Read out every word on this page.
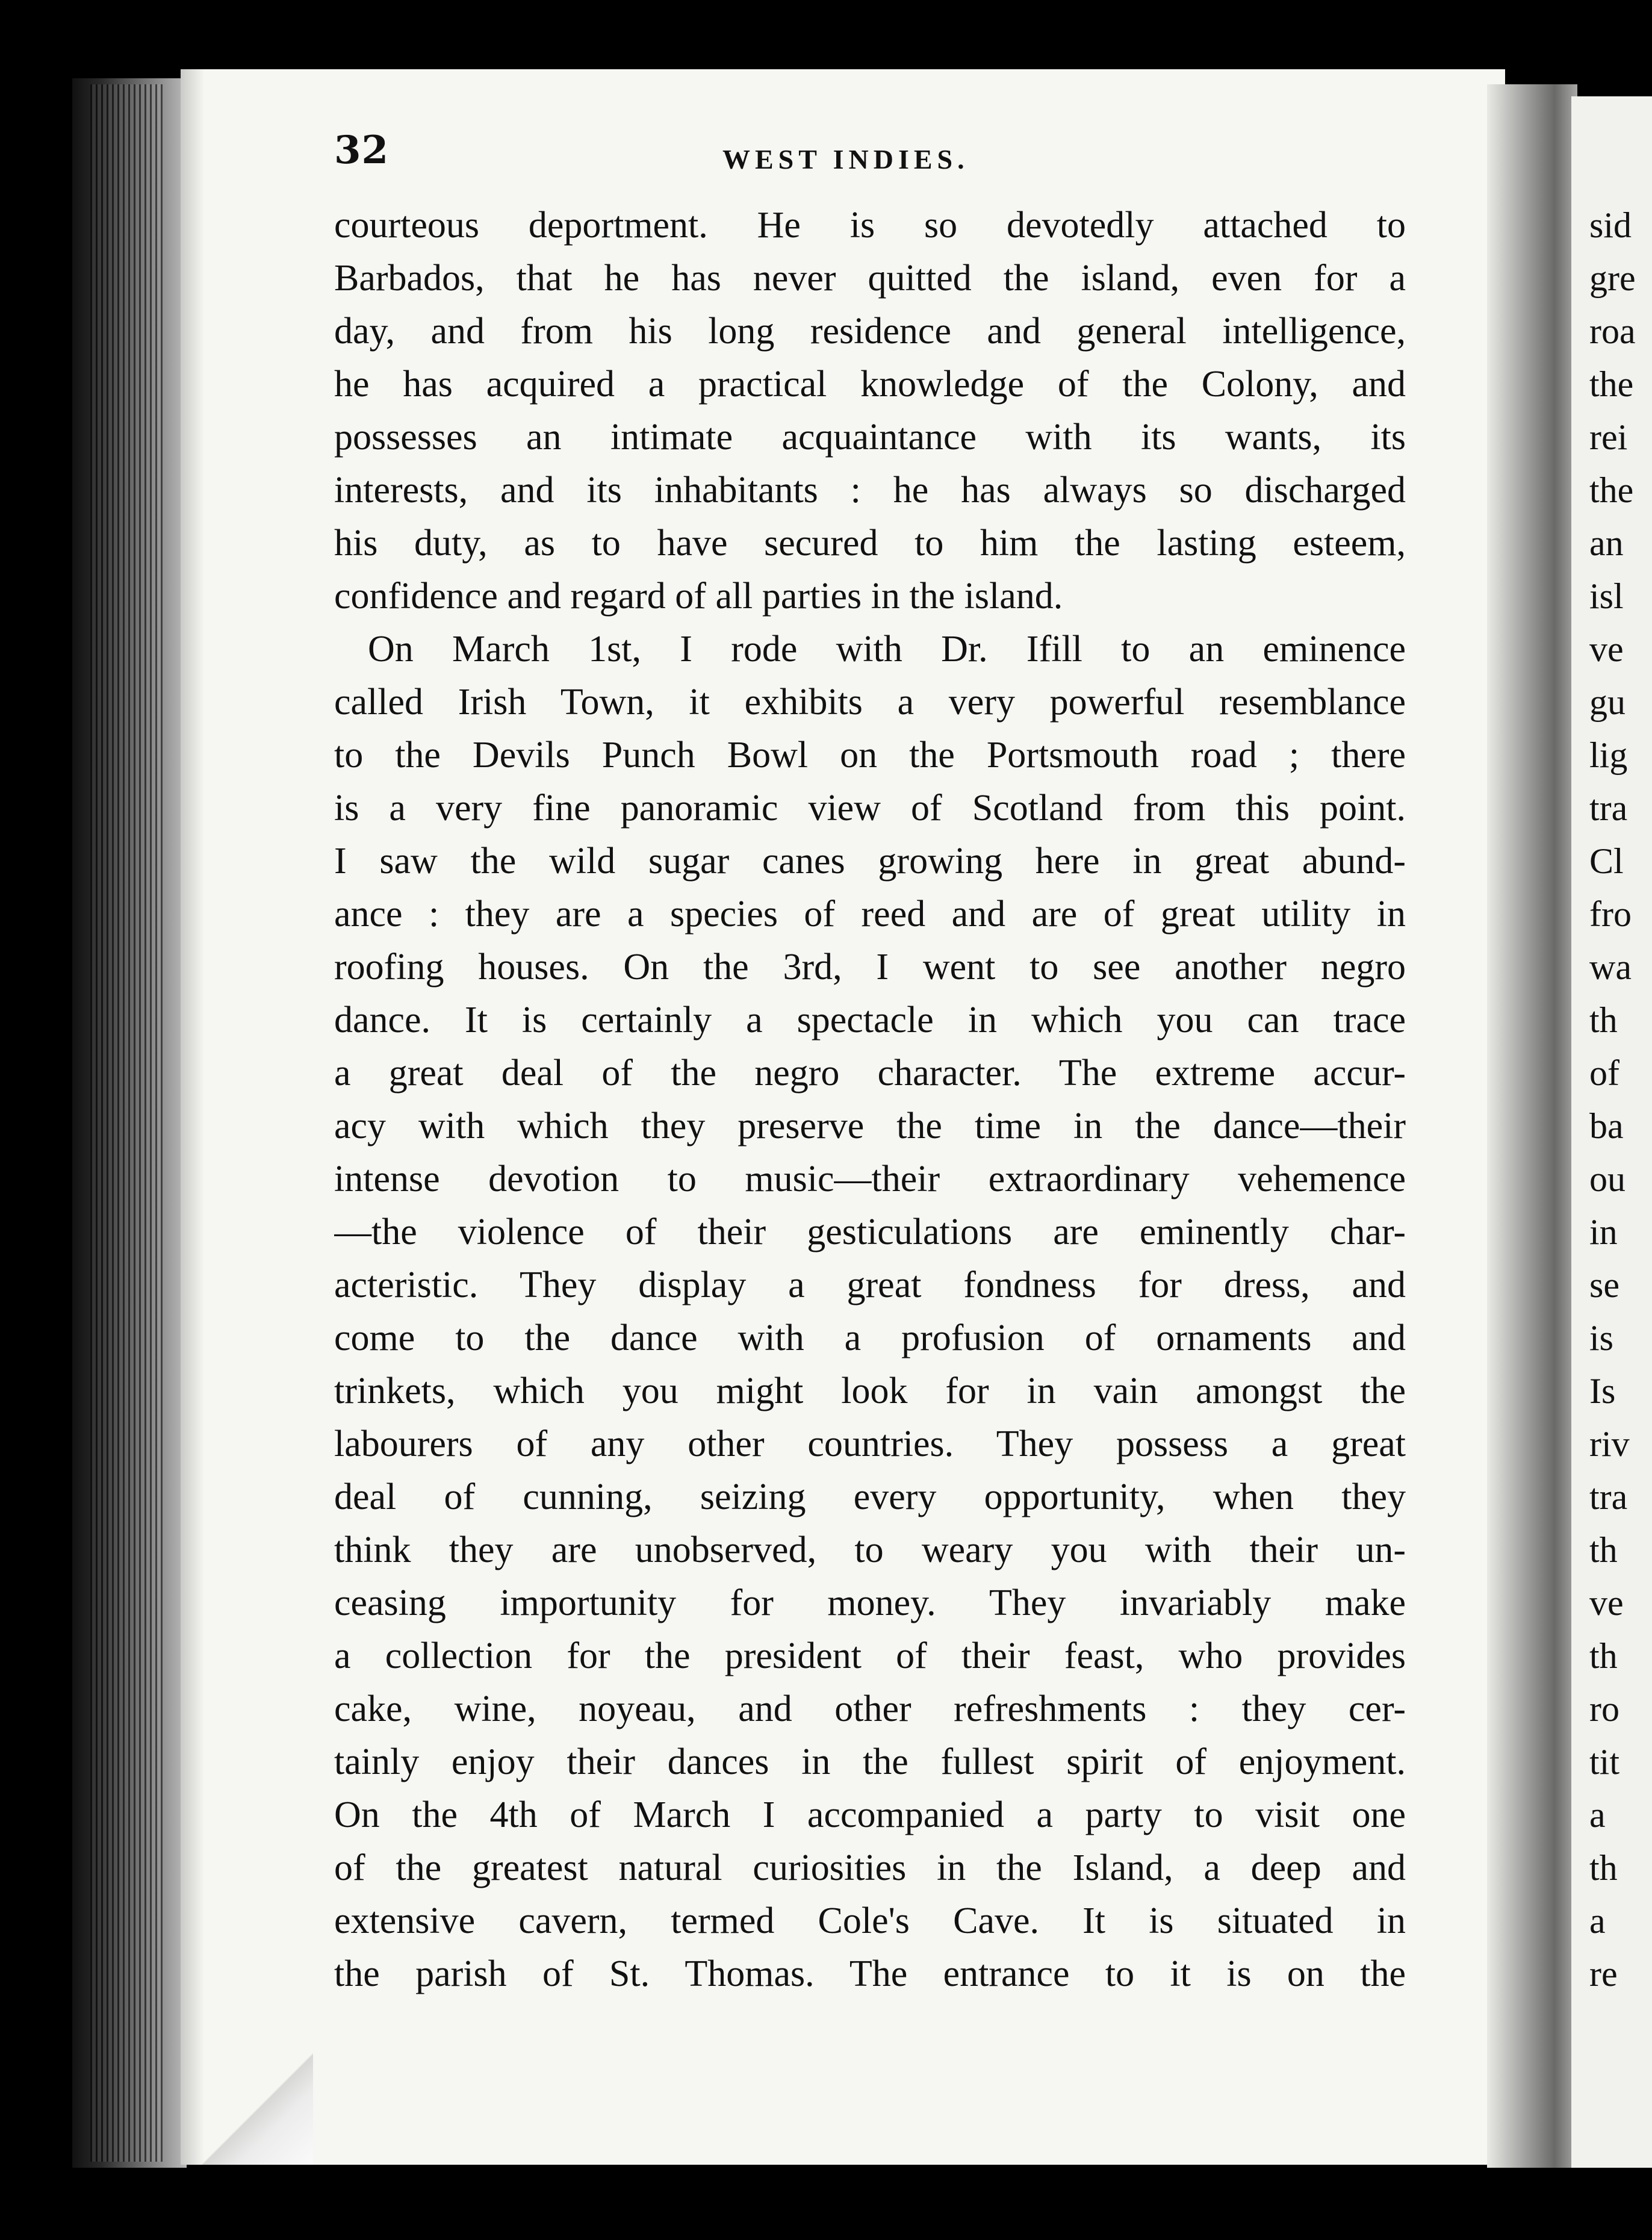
32	WEST INDIES.
courteous deportment. He is so devotedly attached to
Barbados, that he has never quitted the island, even for a
day, and from his long residence and general intelligence,
he has acquired a practical knowledge of the Colony, and
possesses an intimate acquaintance with its wants, its
interests, and its inhabitants : he has always so discharged
his duty, as to have secured to him the lasting esteem,
confidence and regard of all parties in the island.
On March 1st, I rode with Dr. Ifill to an eminence
called Irish Town, it exhibits a very powerful resemblance
to the Devils Punch Bowl on the Portsmouth road ; there
is a very fine panoramic view of Scotland from this point.
I saw the wild sugar canes growing here in great abund-
ance : they are a species of reed and are of great utility in
roofing houses. On the 3rd, I went to see another negro
dance. It is certainly a spectacle in which you can trace
a great deal of the negro character. The extreme accur-
acy with which they preserve the time in the dance—their
intense devotion to music—their extraordinary vehemence
—the violence of their gesticulations are eminently char-
acteristic. They display a great fondness for dress, and
come to the dance with a profusion of ornaments and
trinkets, which you might look for in vain amongst the
labourers of any other countries. They possess a great
deal of cunning, seizing every opportunity, when they
think they are unobserved, to weary you with their un-
ceasing importunity for money. They invariably make
a collection for the president of their feast, who provides
cake, wine, noyeau, and other refreshments : they cer-
tainly enjoy their dances in the fullest spirit of enjoyment.
On the 4th of March I accompanied a party to visit one
of the greatest natural curiosities in the Island, a deep and
extensive cavern, termed Cole's Cave. It is situated in
the parish of St. Thomas. The entrance to it is on the
sid
gre
roa
the
rei
the
an
isl
ve
gu
lig
tra
Cl
fro
wa
th
of
ba
ou
in
se
is
Is
riv
tra
th
ve
th
ro
tit
a
th
a
re
